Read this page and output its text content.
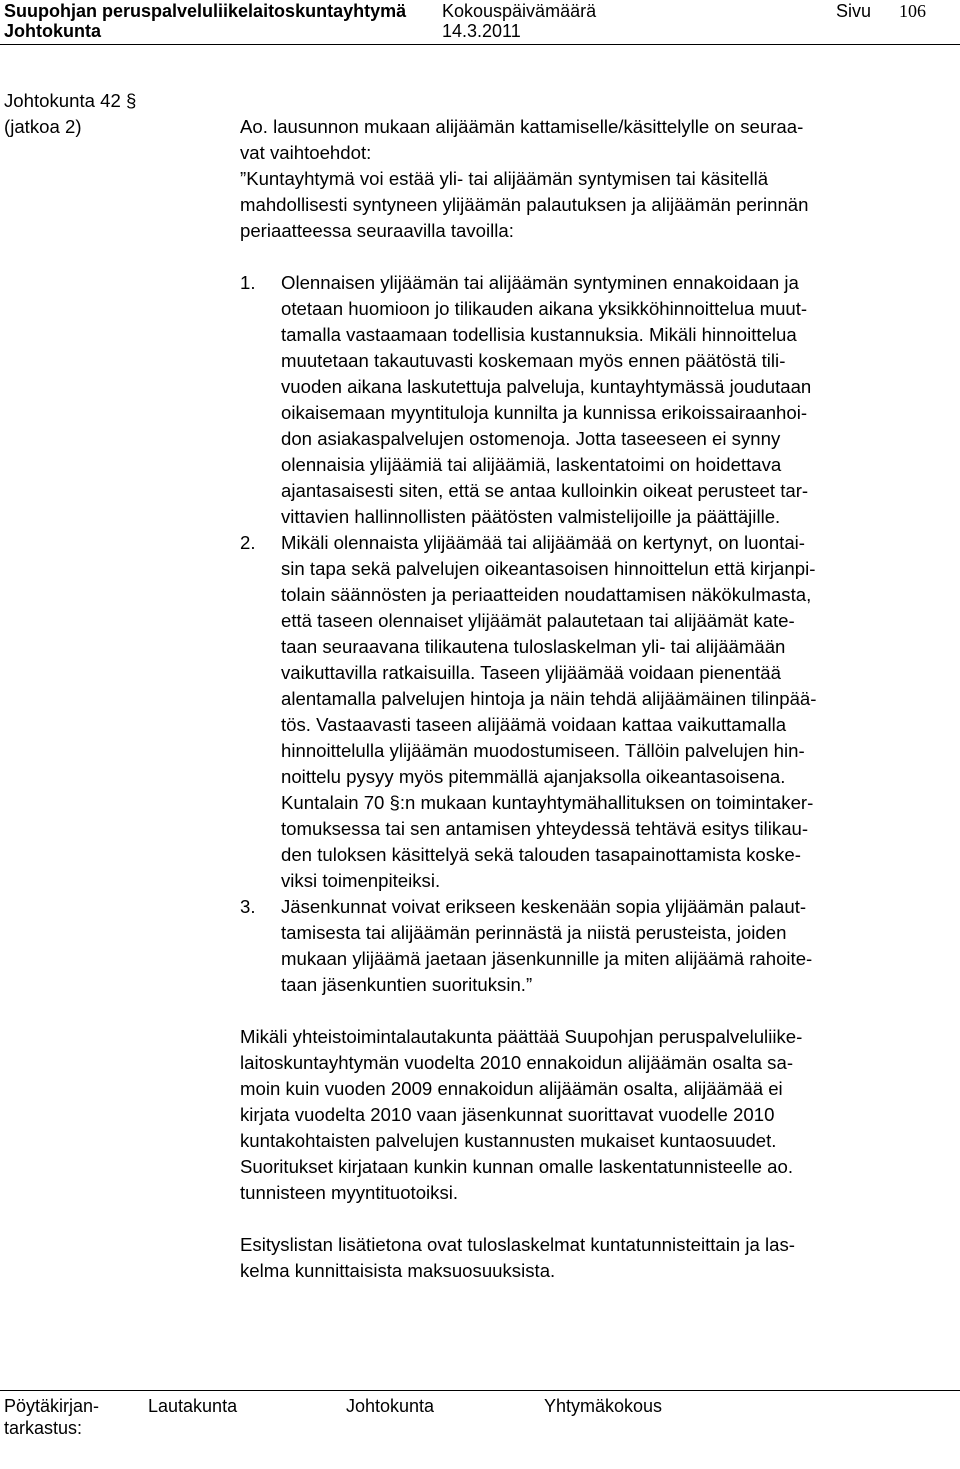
Suupohjan peruspalveluliikelaitoskuntayhtymä Kokouspäivämäärä	Sivu 106
Johtokunta	14.3.2011
Johtokunta 42 §
(jatkoa 2)	Ao. lausunnon mukaan alijäämän kattamiselle/käsittelylle on seuraa-
vat vaihtoehdot:
”Kuntayhtymä voi estää yli- tai alijäämän syntymisen tai käsitellä
mahdollisesti syntyneen ylijäämän palautuksen ja alijäämän perinnän
periaatteessa seuraavilla tavoilla:
1. Olennaisen ylijäämän tai alijäämän syntyminen ennakoidaan ja
otetaan huomioon jo tilikauden aikana yksikköhinnoittelua muut-
tamalla vastaamaan todellisia kustannuksia. Mikäli hinnoittelua
muutetaan takautuvasti koskemaan myös ennen päätöstä tili-
vuoden aikana laskutettuja palveluja, kuntayhtymässä joudutaan
oikaisemaan myyntituloja kunnilta ja kunnissa erikoissairaanhoi-
don asiakaspalvelujen ostomenoja. Jotta taseeseen ei synny
olennaisia ylijäämiä tai alijäämiä, laskentatoimi on hoidettava
ajantasaisesti siten, että se antaa kulloinkin oikeat perusteet tar-
vittavien hallinnollisten päätösten valmistelijoille ja päättäjille.
2. Mikäli olennaista ylijäämää tai alijäämää on kertynyt, on luontai-
sin tapa sekä palvelujen oikeantasoisen hinnoittelun että kirjanpi-
tolain säännösten ja periaatteiden noudattamisen näkökulmasta,
että taseen olennaiset ylijäämät palautetaan tai alijäämät kate-
taan seuraavana tilikautena tuloslaskelman yli- tai alijäämään
vaikuttavilla ratkaisuilla. Taseen ylijäämää voidaan pienentää
alentamalla palvelujen hintoja ja näin tehdä alijäämäinen tilinpää-
tös. Vastaavasti taseen alijäämä voidaan kattaa vaikuttamalla
hinnoittelulla ylijäämän muodostumiseen. Tällöin palvelujen hin-
noittelu pysyy myös pitemmällä ajanjaksolla oikeantasoisena.
Kuntalain 70 §:n mukaan kuntayhtymähallituksen on toimintaker-
tomuksessa tai sen antamisen yhteydessä tehtävä esitys tilikau-
den tuloksen käsittelyä sekä talouden tasapainottamista koske-
viksi toimenpiteiksi.
3. Jäsenkunnat voivat erikseen keskenään sopia ylijäämän palaut-
tamisesta tai alijäämän perinnästä ja niistä perusteista, joiden
mukaan ylijäämä jaetaan jäsenkunnille ja miten alijäämä rahoite-
taan jäsenkuntien suorituksin.”
Mikäli yhteistoimintalautakunta päättää Suupohjan peruspalveluliike-
laitoskuntayhtymän vuodelta 2010 ennakoidun alijäämän osalta sa-
moin kuin vuoden 2009 ennakoidun alijäämän osalta, alijäämää ei
kirjata vuodelta 2010 vaan jäsenkunnat suorittavat vuodelle 2010
kuntakohtaisten palvelujen kustannusten mukaiset kuntaosuudet.
Suoritukset kirjataan kunkin kunnan omalle laskentatunnisteelle ao.
tunnisteen myyntituotoiksi.
Esityslistan lisätietona ovat tuloslaskelmat kuntatunnisteittain ja las-
kelma kunnittaisista maksuosuuksista.
Pöytäkirjan-
tarkastus:
Lautakunta	Johtokunta	Yhtymäkokous
